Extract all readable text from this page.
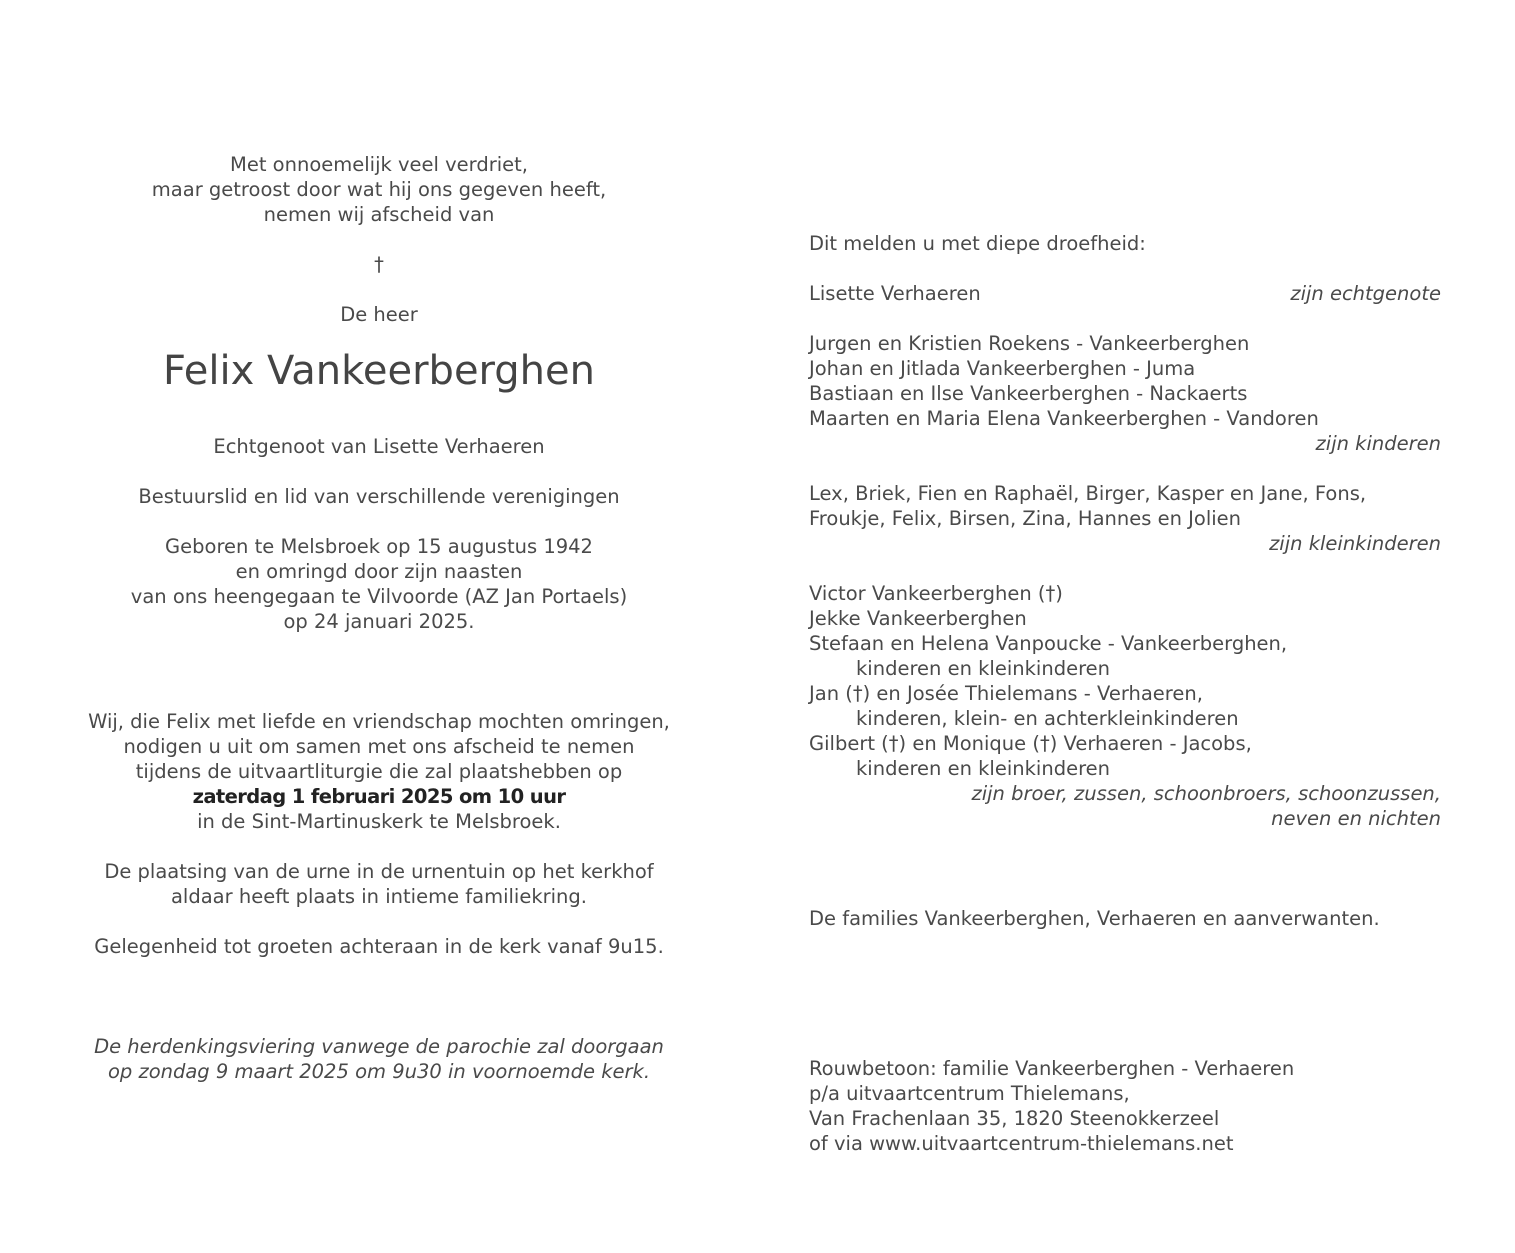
Met onnoemelijk veel verdriet,
maar getroost door wat hij ons gegeven heeft,
nemen wij afscheid van

†

De heer

Felix Vankeerberghen

Echtgenoot van Lisette Verhaeren

Bestuurslid en lid van verschillende verenigingen

Geboren te Melsbroek op 15 augustus 1942
en omringd door zijn naasten
van ons heengegaan te Vilvoorde (AZ Jan Portaels)
op 24 januari 2025.

Wij, die Felix met liefde en vriendschap mochten omringen,
nodigen u uit om samen met ons afscheid te nemen
tijdens de uitvaartliturgie die zal plaatshebben op
zaterdag 1 februari 2025 om 10 uur
in de Sint-Martinuskerk te Melsbroek.

De plaatsing van de urne in de urnentuin op het kerkhof
aldaar heeft plaats in intieme familiekring.

Gelegenheid tot groeten achteraan in de kerk vanaf 9u15.

De herdenkingsviering vanwege de parochie zal doorgaan
op zondag 9 maart 2025 om 9u30 in voornoemde kerk.

Dit melden u met diepe droefheid:

Lisette Verhaeren	zijn echtgenote

Jurgen en Kristien Roekens - Vankeerberghen
Johan en Jitlada Vankeerberghen - Juma
Bastiaan en Ilse Vankeerberghen - Nackaerts
Maarten en Maria Elena Vankeerberghen - Vandoren

zijn kinderen

Lex, Briek, Fien en Raphaël, Birger, Kasper en Jane, Fons,
Froukje, Felix, Birsen, Zina, Hannes en Jolien

zijn kleinkinderen

Victor Vankeerberghen (†)
Jekke Vankeerberghen
Stefaan en Helena Vanpoucke - Vankeerberghen,
kinderen en kleinkinderen
Jan (†) en Josée Thielemans - Verhaeren,
kinderen, klein- en achterkleinkinderen
Gilbert (†) en Monique (†) Verhaeren - Jacobs,
kinderen en kleinkinderen

zijn broer, zussen, schoonbroers, schoonzussen,
neven en nichten

De families Vankeerberghen, Verhaeren en aanverwanten.

Rouwbetoon: familie Vankeerberghen - Verhaeren
p/a uitvaartcentrum Thielemans,
Van Frachenlaan 35, 1820 Steenokkerzeel
of via www.uitvaartcentrum-thielemans.net
